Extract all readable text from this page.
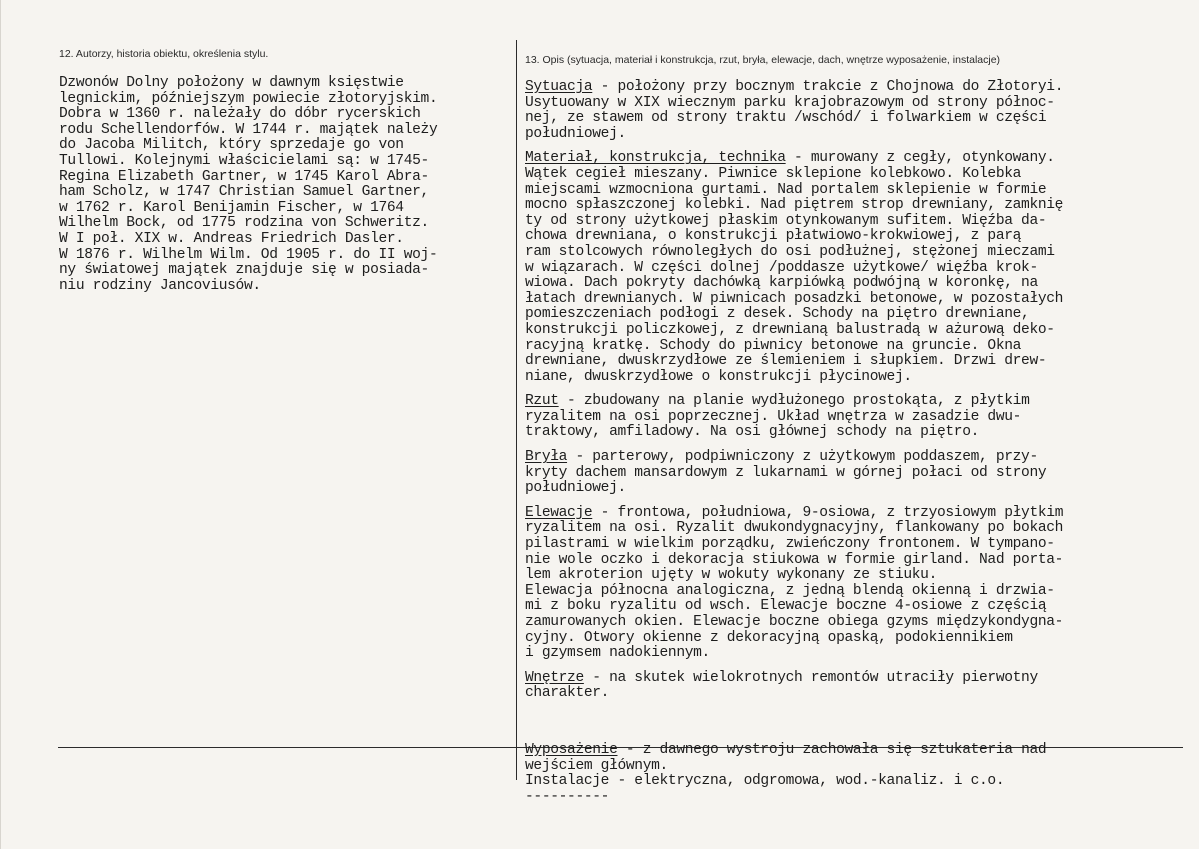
12. Autorzy, historia obiektu, określenia stylu.
Dzwonów Dolny położony w dawnym księstwie
legnickim, późniejszym powiecie złotoryjskim.
Dobra w 1360 r. należały do dóbr rycerskich
rodu Schellendorfów. W 1744 r. majątek należy
do Jacoba Militch, który sprzedaje go von
Tullowi. Kolejnymi właścicielami są: w 1745-
Regina Elizabeth Gartner, w 1745 Karol Abra-
ham Scholz, w 1747 Christian Samuel Gartner,
w 1762 r. Karol Benijamin Fischer, w 1764
Wilhelm Bock, od 1775 rodzina von Schweritz.
W I poł. XIX w. Andreas Friedrich Dasler.
W 1876 r. Wilhelm Wilm. Od 1905 r. do II woj-
ny światowej majątek znajduje się w posiada-
niu rodziny Jancoviusów.
13. Opis (sytuacja, materiał i konstrukcja, rzut, bryła, elewacje, dach, wnętrze wyposażenie, instalacje)
Sytuacja - położony przy bocznym trakcie z Chojnowa do Złotoryi.
Usytuowany w XIX wiecznym parku krajobrazowym od strony północ-
nej, ze stawem od strony traktu /wschód/ i folwarkiem w części
południowej.
Materiał, konstrukcja, technika - murowany z cegły, otynkowany.
Wątek cegieł mieszany. Piwnice sklepione kolebkowo. Kolebka
miejscami wzmocniona gurtami. Nad portalem sklepienie w formie
mocno spłaszczonej kolebki. Nad piętrem strop drewniany, zamknię
ty od strony użytkowej płaskim otynkowanym sufitem. Więźba da-
chowa drewniana, o konstrukcji płatwiowo-krokwiowej, z parą
ram stolcowych równoległych do osi podłużnej, stężonej mieczami
w wiązarach. W części dolnej /poddasze użytkowe/ więźba krok-
wiowa. Dach pokryty dachówką karpiówką podwójną w koronkę, na
łatach drewnianych. W piwnicach posadzki betonowe, w pozostałych
pomieszczeniach podłogi z desek. Schody na piętro drewniane,
konstrukcji policzkowej, z drewnianą balustradą w ażurową deko-
racyjną kratkę. Schody do piwnicy betonowe na gruncie. Okna
drewniane, dwuskrzydłowe ze ślemieniem i słupkiem. Drzwi drew-
niane, dwuskrzydłowe o konstrukcji płycinowej.
Rzut - zbudowany na planie wydłużonego prostokąta, z płytkim
ryzalitem na osi poprzecznej. Układ wnętrza w zasadzie dwu-
traktowy, amfiladowy. Na osi głównej schody na piętro.
Bryła - parterowy, podpiwniczony z użytkowym poddaszem, przy-
kryty dachem mansardowym z lukarnami w górnej połaci od strony
południowej.
Elewacje - frontowa, południowa, 9-osiowa, z trzyosiowym płytkim
ryzalitem na osi. Ryzalit dwukondygnacyjny, flankowany po bokach
pilastrami w wielkim porządku, zwieńczony frontonem. W tympano-
nie wole oczko i dekoracja stiukowa w formie girland. Nad porta-
lem akroterion ujęty w wokuty wykonany ze stiuku.
Elewacja północna analogiczna, z jedną blendą okienną i drzwia-
mi z boku ryzalitu od wsch. Elewacje boczne 4-osiowe z częścią
zamurowanych okien. Elewacje boczne obiega gzyms międzykondygna-
cyjny. Otwory okienne z dekoracyjną opaską, podokiennikiem
i gzymsem nadokiennym.
Wnętrze - na skutek wielokrotnych remontów utraciły pierwotny
charakter.
Wyposażenie - z dawnego wystroju zachowała się sztukateria nad
wejściem głównym.
Instalacje - elektryczna, odgromowa, wod.-kanaliz. i c.o.
----------
